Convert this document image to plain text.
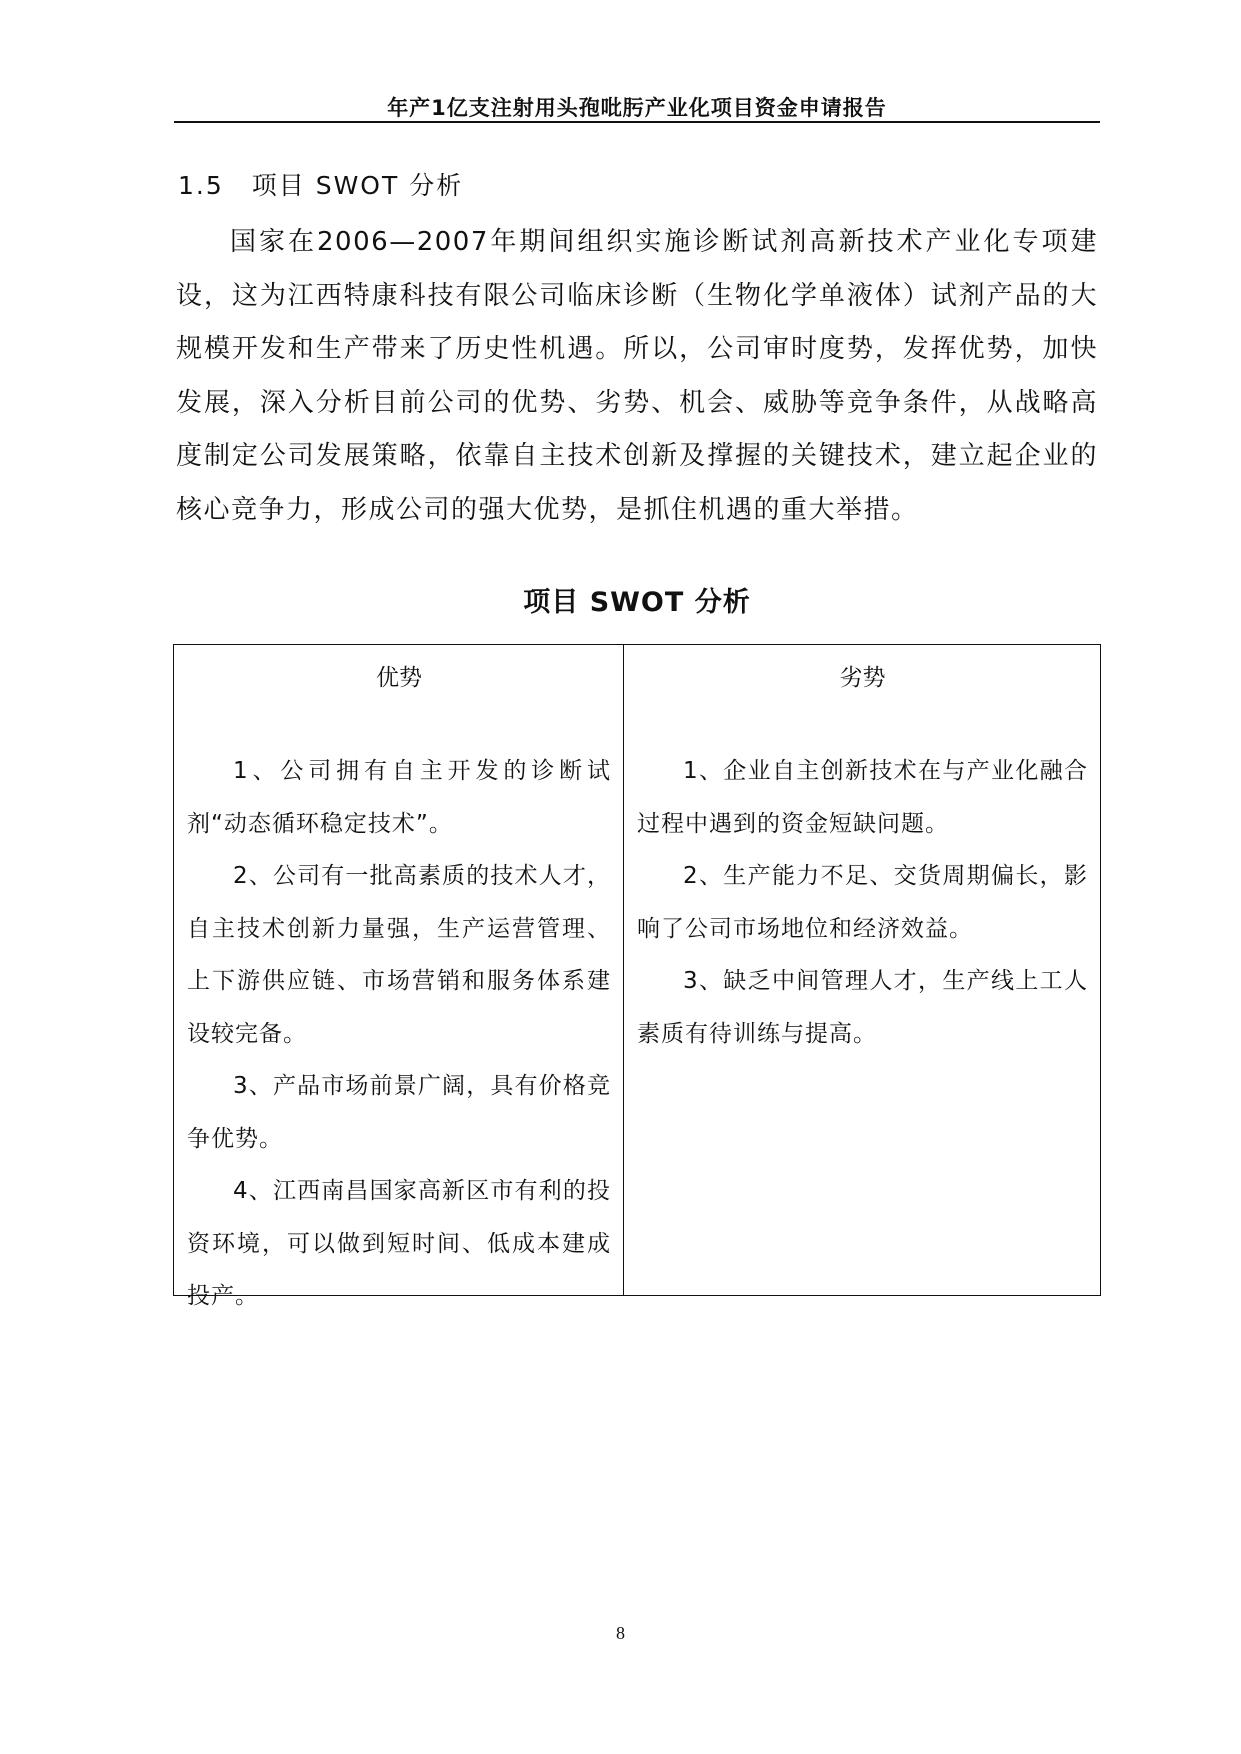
年产1亿支注射用头孢吡肟产业化项目资金申请报告
1.5 项目 SWOT 分析

国家在2006—2007年期间组织实施诊断试剂高新技术产业化专项建设，这为江西特康科技有限公司临床诊断（生物化学单液体）试剂产品的大规模开发和生产带来了历史性机遇。所以，公司审时度势，发挥优势，加快发展，深入分析目前公司的优势、劣势、机会、威胁等竞争条件，从战略高度制定公司发展策略，依靠自主技术创新及撑握的关键技术，建立起企业的核心竞争力，形成公司的强大优势，是抓住机遇的重大举措。

项目 SWOT 分析
优势

1、公司拥有自主开发的诊断试剂“动态循环稳定技术”。

2、公司有一批高素质的技术人才，自主技术创新力量强，生产运营管理、上下游供应链、市场营销和服务体系建设较完备。

3、产品市场前景广阔，具有价格竞争优势。

4、江西南昌国家高新区市有利的投资环境，可以做到短时间、低成本建成投产。

劣势

1、企业自主创新技术在与产业化融合过程中遇到的资金短缺问题。

2、生产能力不足、交货周期偏长，影响了公司市场地位和经济效益。

3、缺乏中间管理人才，生产线上工人素质有待训练与提高。

8
